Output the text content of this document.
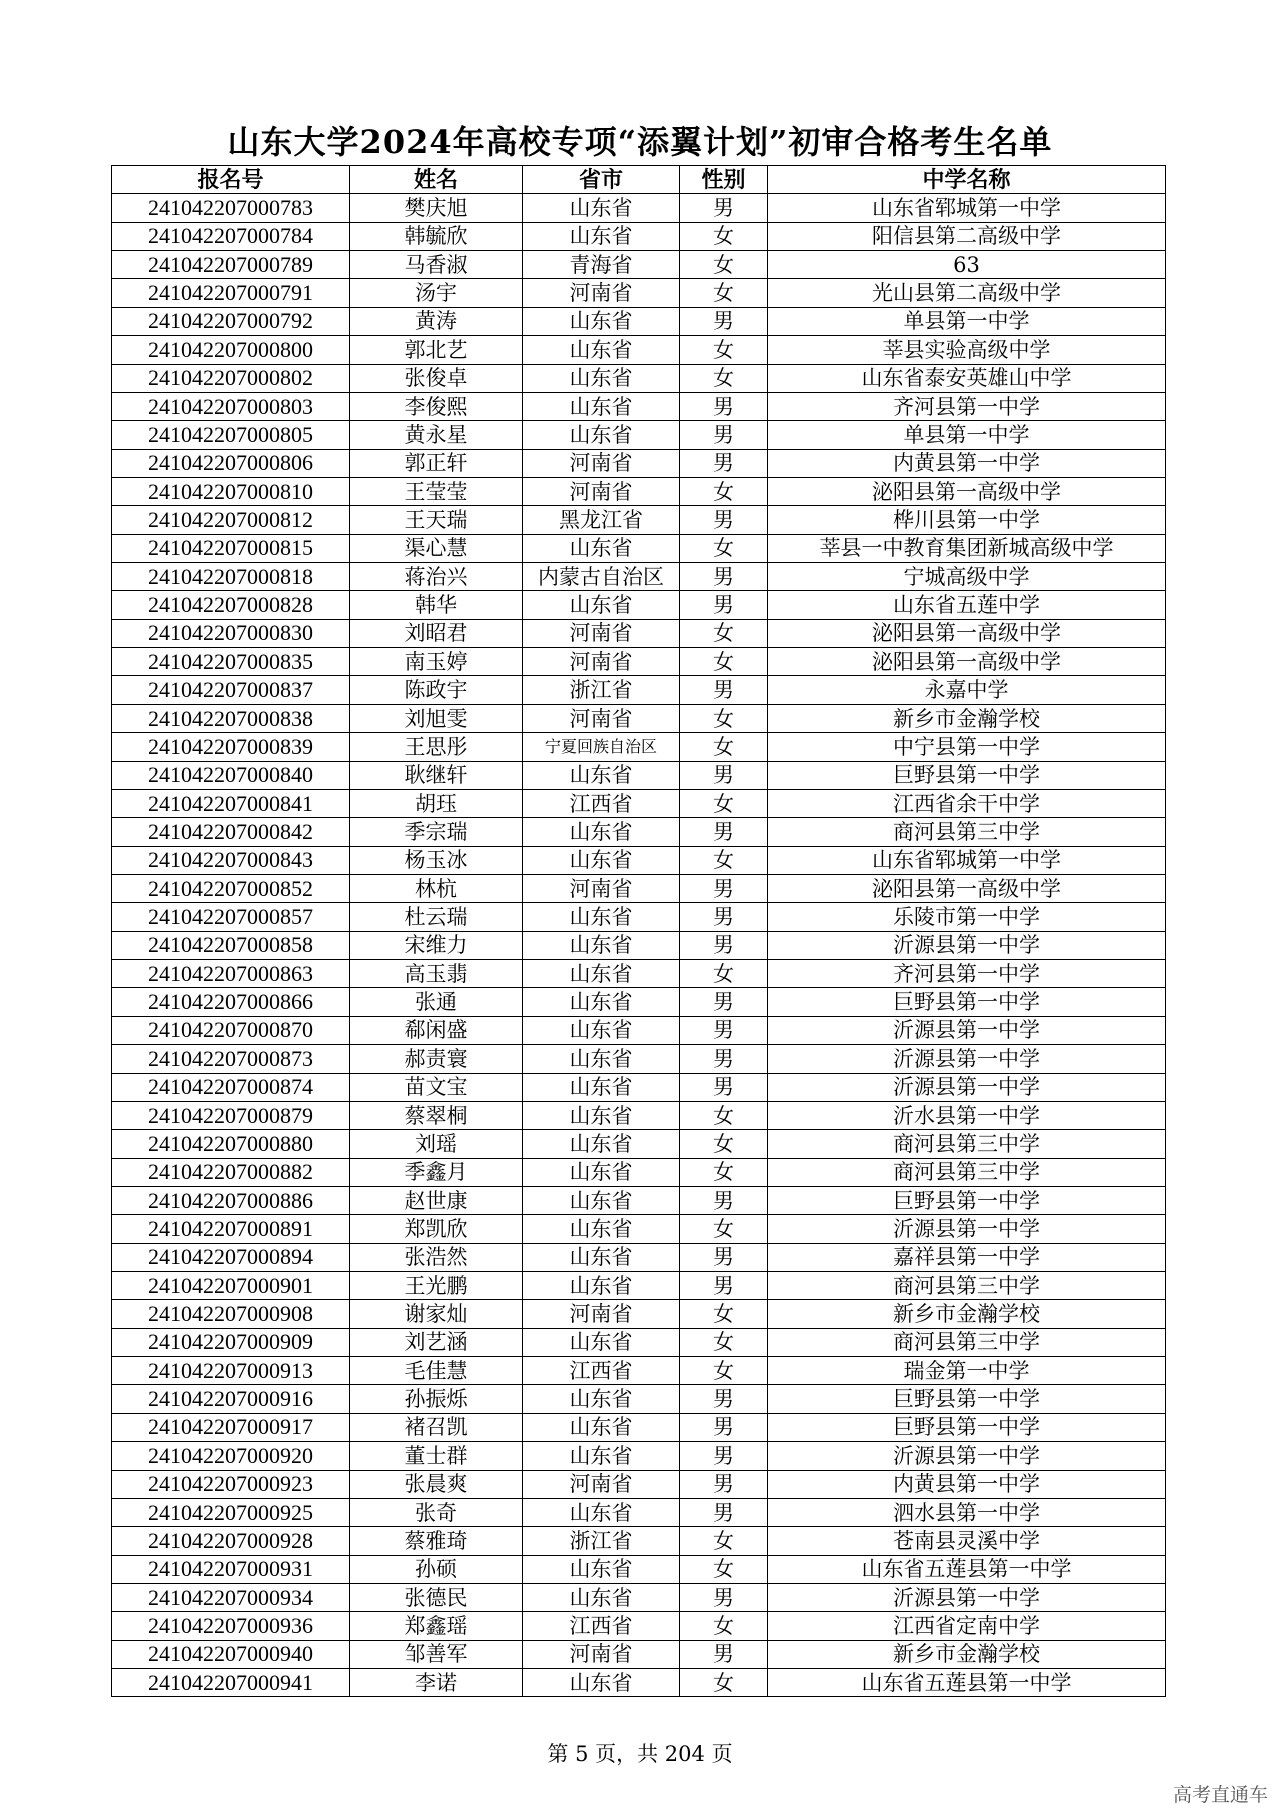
山东大学2024年高校专项“添翼计划”初审合格考生名单
报名号	姓名	省市	性别	中学名称
241042207000783	樊庆旭	山东省	男	山东省郓城第一中学
241042207000784	韩毓欣	山东省	女	阳信县第二高级中学
241042207000789	马香淑	青海省	女	63
241042207000791	汤宇	河南省	女	光山县第二高级中学
241042207000792	黄涛	山东省	男	单县第一中学
241042207000800	郭北艺	山东省	女	莘县实验高级中学
241042207000802	张俊卓	山东省	女	山东省泰安英雄山中学
241042207000803	李俊熙	山东省	男	齐河县第一中学
241042207000805	黄永星	山东省	男	单县第一中学
241042207000806	郭正轩	河南省	男	内黄县第一中学
241042207000810	王莹莹	河南省	女	泌阳县第一高级中学
241042207000812	王天瑞	黑龙江省	男	桦川县第一中学
241042207000815	渠心慧	山东省	女	莘县一中教育集团新城高级中学
241042207000818	蒋治兴	内蒙古自治区	男	宁城高级中学
241042207000828	韩华	山东省	男	山东省五莲中学
241042207000830	刘昭君	河南省	女	泌阳县第一高级中学
241042207000835	南玉婷	河南省	女	泌阳县第一高级中学
241042207000837	陈政宇	浙江省	男	永嘉中学
241042207000838	刘旭雯	河南省	女	新乡市金瀚学校
241042207000839	王思彤	宁夏回族自治区	女	中宁县第一中学
241042207000840	耿继轩	山东省	男	巨野县第一中学
241042207000841	胡珏	江西省	女	江西省余干中学
241042207000842	季宗瑞	山东省	男	商河县第三中学
241042207000843	杨玉冰	山东省	女	山东省郓城第一中学
241042207000852	林杭	河南省	男	泌阳县第一高级中学
241042207000857	杜云瑞	山东省	男	乐陵市第一中学
241042207000858	宋维力	山东省	男	沂源县第一中学
241042207000863	高玉翡	山东省	女	齐河县第一中学
241042207000866	张通	山东省	男	巨野县第一中学
241042207000870	郗闲盛	山东省	男	沂源县第一中学
241042207000873	郝责寰	山东省	男	沂源县第一中学
241042207000874	苗文宝	山东省	男	沂源县第一中学
241042207000879	蔡翠桐	山东省	女	沂水县第一中学
241042207000880	刘瑶	山东省	女	商河县第三中学
241042207000882	季鑫月	山东省	女	商河县第三中学
241042207000886	赵世康	山东省	男	巨野县第一中学
241042207000891	郑凯欣	山东省	女	沂源县第一中学
241042207000894	张浩然	山东省	男	嘉祥县第一中学
241042207000901	王光鹏	山东省	男	商河县第三中学
241042207000908	谢家灿	河南省	女	新乡市金瀚学校
241042207000909	刘艺涵	山东省	女	商河县第三中学
241042207000913	毛佳慧	江西省	女	瑞金第一中学
241042207000916	孙振烁	山东省	男	巨野县第一中学
241042207000917	褚召凯	山东省	男	巨野县第一中学
241042207000920	董士群	山东省	男	沂源县第一中学
241042207000923	张晨爽	河南省	男	内黄县第一中学
241042207000925	张奇	山东省	男	泗水县第一中学
241042207000928	蔡雅琦	浙江省	女	苍南县灵溪中学
241042207000931	孙硕	山东省	女	山东省五莲县第一中学
241042207000934	张德民	山东省	男	沂源县第一中学
241042207000936	郑鑫瑶	江西省	女	江西省定南中学
241042207000940	邹善军	河南省	男	新乡市金瀚学校
241042207000941	李诺	山东省	女	山东省五莲县第一中学
第 5 页，共 204 页
高考直通车
